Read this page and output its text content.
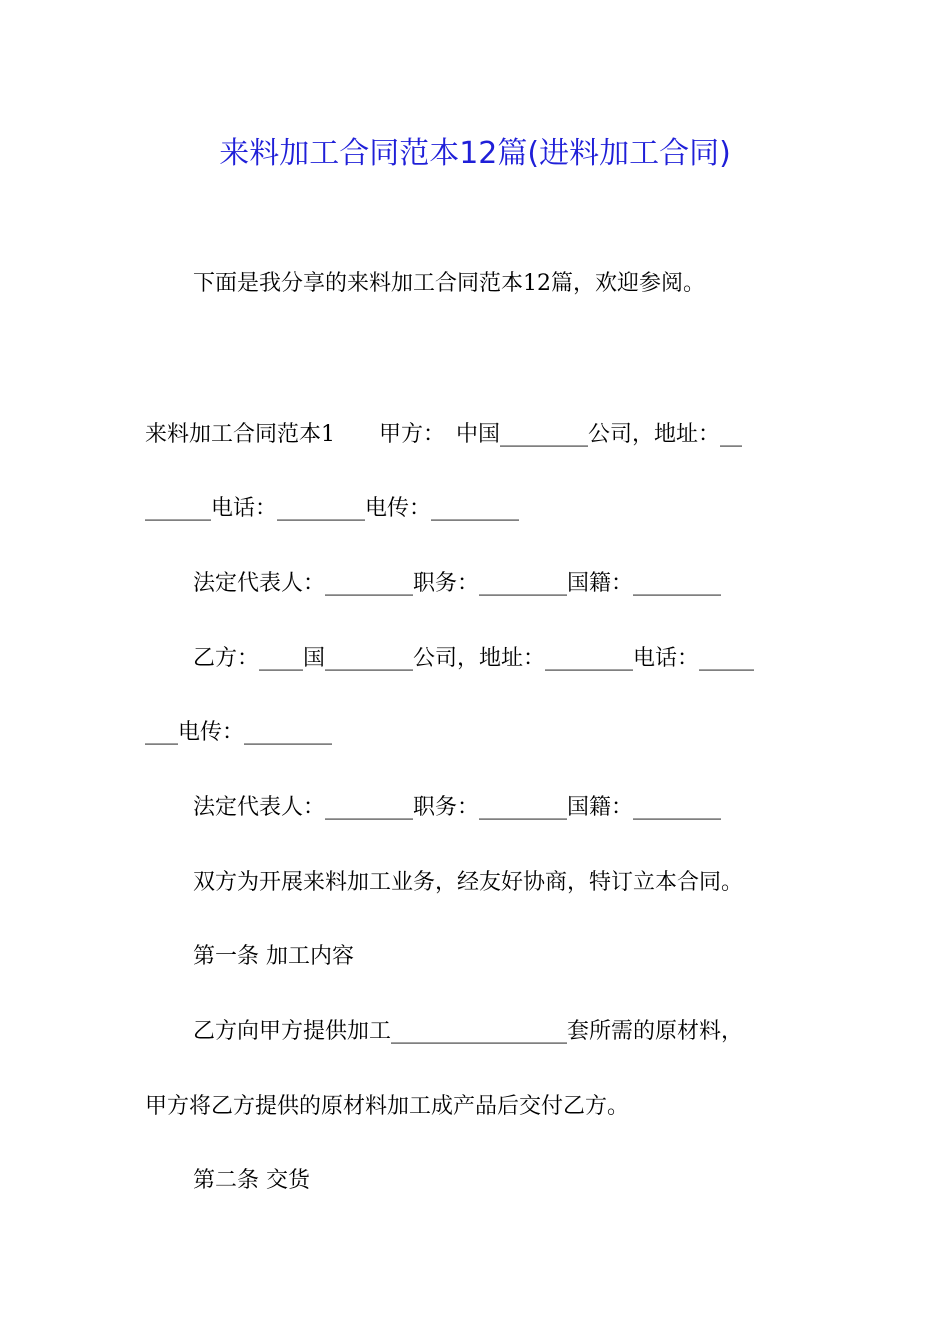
来料加工合同范本12篇(进料加工合同)

下面是我分享的来料加工合同范本12篇，欢迎参阅。

来料加工合同范本1　　甲方：　中国________公司，地址：__

______电话：________电传：________

法定代表人：________职务：________国籍：________

乙方：____国________公司，地址：________电话：_____

___电传：________

法定代表人：________职务：________国籍：________

双方为开展来料加工业务，经友好协商，特订立本合同。

第一条 加工内容

乙方向甲方提供加工________________套所需的原材料，

甲方将乙方提供的原材料加工成产品后交付乙方。

第二条 交货
